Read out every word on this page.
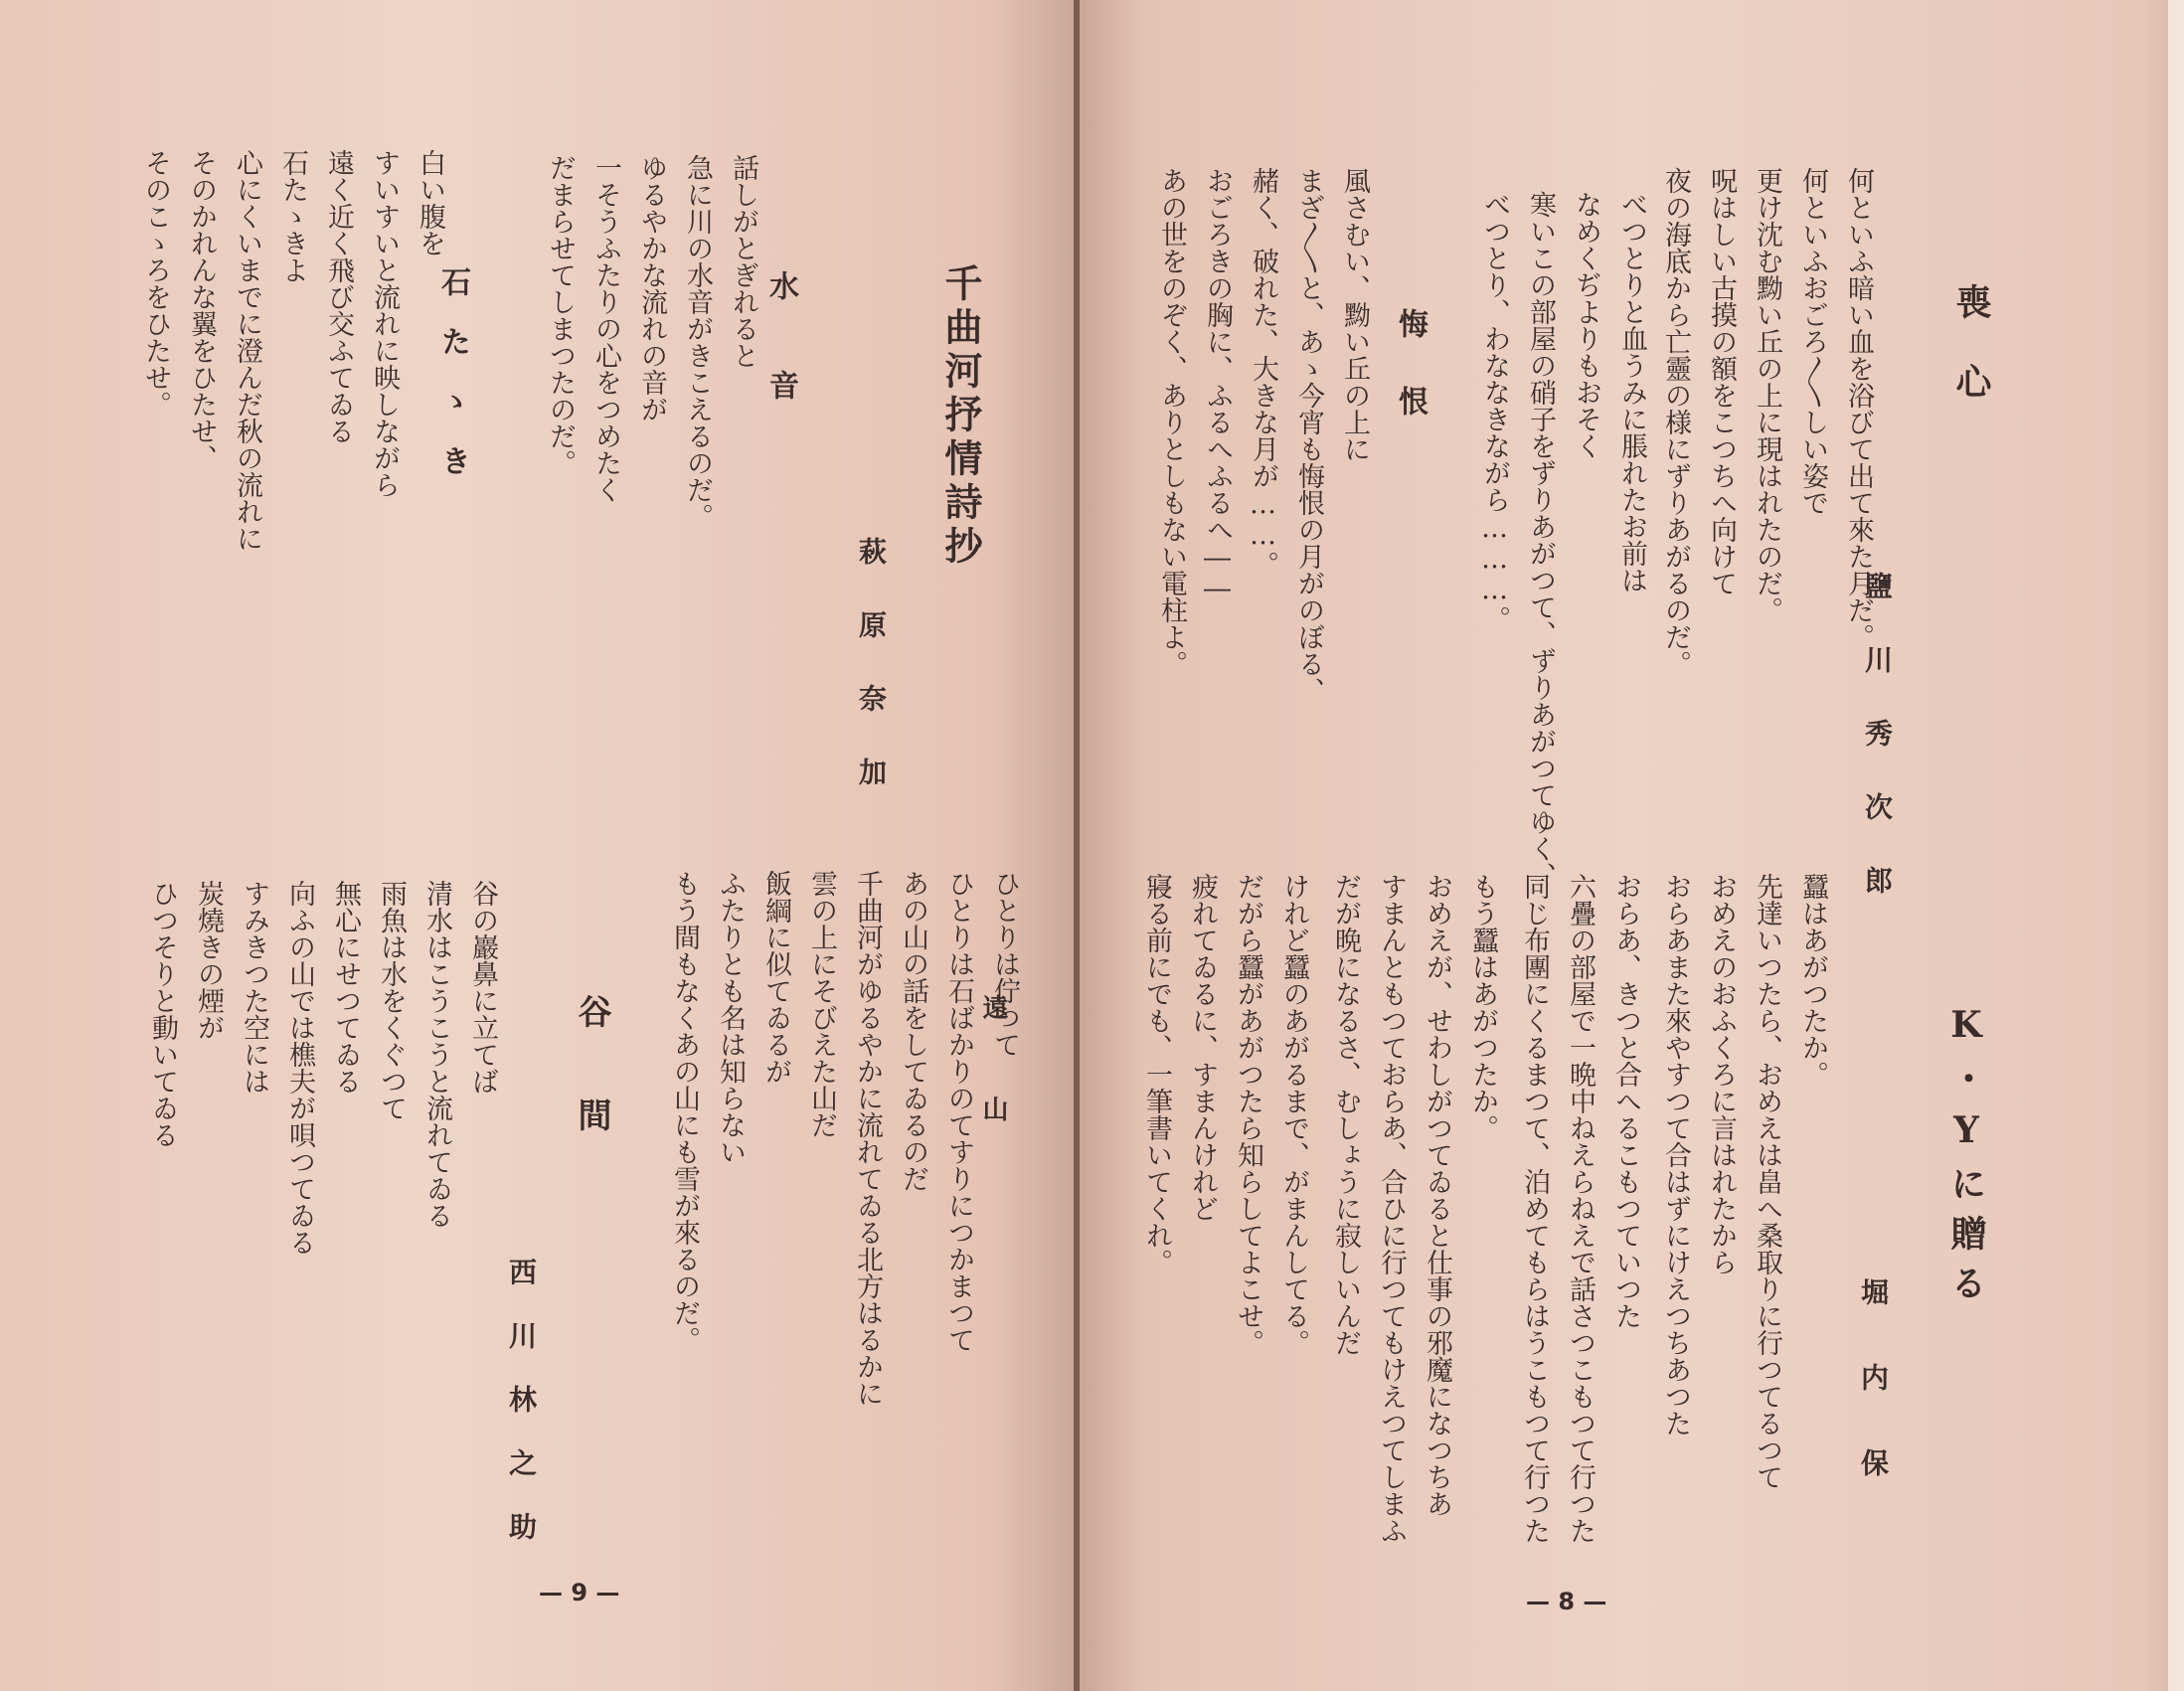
喪心
鹽川秀次郎
何といふ暗い血を浴びて出て來た月だ。
何といふおごろ〳〵しい姿で
更け沈む黝い丘の上に現はれたのだ。
呪はしい古摸の額をこつちへ向けて
夜の海底から亡靈の様にずりあがるのだ。
べつとりと血うみに脹れたお前は
なめくぢよりもおそく
寒いこの部屋の硝子をずりあがつて、ずりあがつてゆく、
べつとり、わななきながら………。
悔恨
風さむい、黝い丘の上に
まざ〳〵と、あゝ今宵も悔恨の月がのぼる、
赭く、破れた、大きな月が……。
おごろきの胸に、ふるへふるへ――
あの世をのぞく、ありとしもない電柱よ。
K・Yに贈る
堀内保
蠶はあがつたか。
先達いつたら、おめえは畠へ桑取りに行つてるつて
おめえのおふくろに言はれたから
おらあまた來やすつて合はずにけえつちあつた
おらあ、きつと合へるこもつていつた
六疊の部屋で一晩中ねえらねえで話さつこもつて行つた
同じ布團にくるまつて、泊めてもらはうこもつて行つた
もう蠶はあがつたか。
おめえが、せわしがつてゐると仕事の邪魔になつちあ
すまんともつておらあ、合ひに行つてもけえつてしまふ
だが晩になるさ、むしょうに寂しいんだ
けれど蠶のあがるまで、がまんしてる。
だがら蠶があがつたら知らしてよこせ。
疲れてゐるに、すまんけれど
寢る前にでも、一筆書いてくれ。
— 8 —
千曲河抒情詩抄
萩原奈加
水音
話しがとぎれると
急に川の水音がきこえるのだ。
ゆるやかな流れの音が
一そうふたりの心をつめたく
だまらせてしまつたのだ。
石たゝき
白い腹を
すいすいと流れに映しながら
遠く近く飛び交ふてゐる
石たゝきよ
心にくいまでに澄んだ秋の流れに
そのかれんな翼をひたせ、
そのこゝろをひたせ。
遠山
ひとりは佇つて
ひとりは石ばかりのてすりにつかまつて
あの山の話をしてゐるのだ
千曲河がゆるやかに流れてゐる北方はるかに
雲の上にそびえた山だ
飯綱に似てゐるが
ふたりとも名は知らない
もう間もなくあの山にも雪が來るのだ。
谷間
西川林之助
谷の巖鼻に立てば
清水はこうこうと流れてゐる
雨魚は水をくぐつて
無心にせつてゐる
向ふの山では樵夫が唄つてゐる
すみきつた空には
炭燒きの煙が
ひつそりと動いてゐる
— 9 —
